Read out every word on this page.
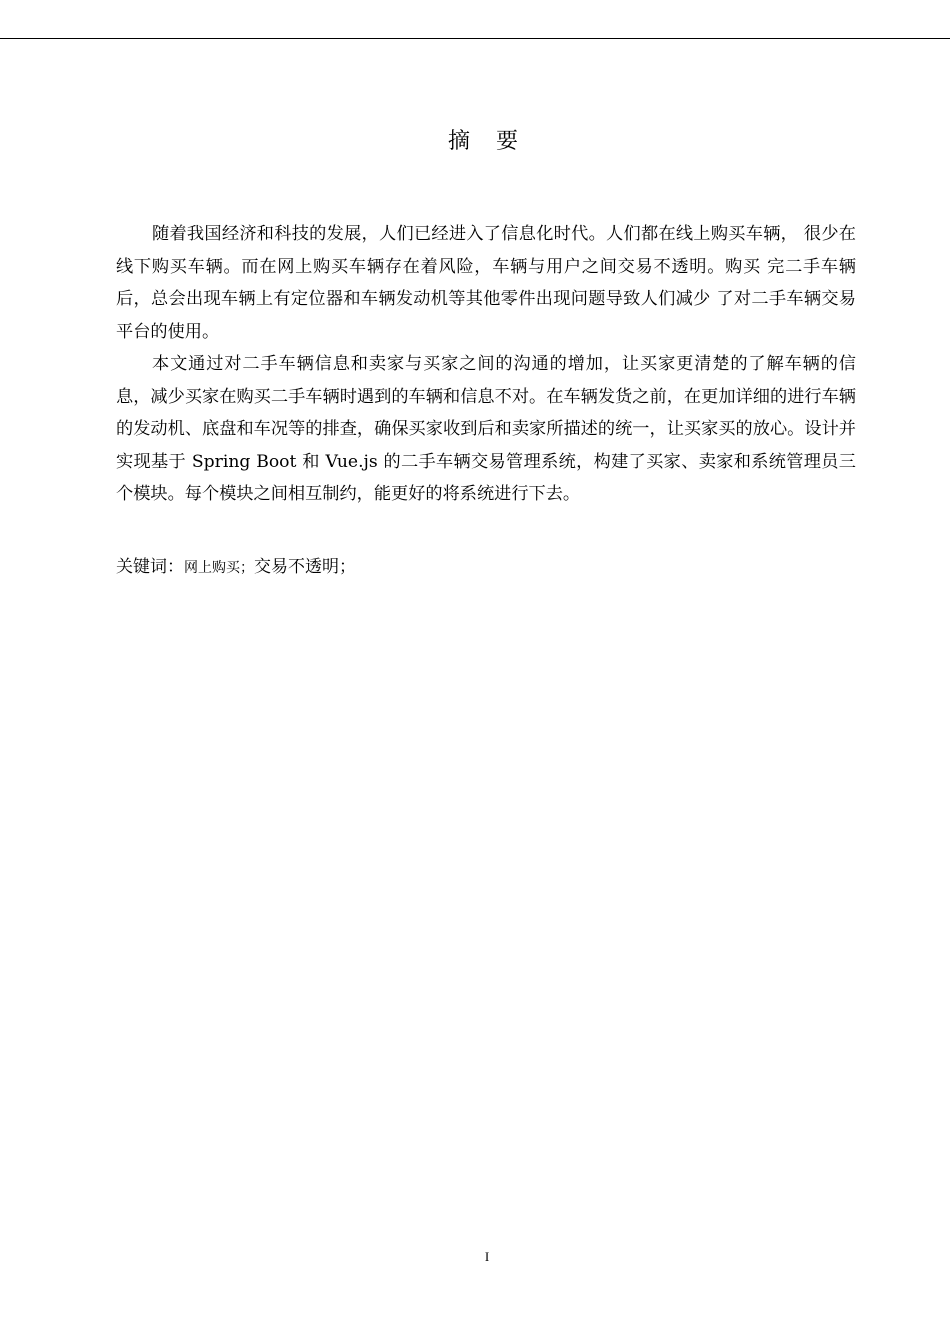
摘 要

随着我国经济和科技的发展，人们已经进入了信息化时代。人们都在线上购买车辆， 很少在线下购买车辆。而在网上购买车辆存在着风险，车辆与用户之间交易不透明。购买 完二手车辆后，总会出现车辆上有定位器和车辆发动机等其他零件出现问题导致人们减少 了对二手车辆交易平台的使用。

本文通过对二手车辆信息和卖家与买家之间的沟通的增加，让买家更清楚的了解车辆的信息，减少买家在购买二手车辆时遇到的车辆和信息不对。在车辆发货之前，在更加详细的进行车辆的发动机、底盘和车况等的排查，确保买家收到后和卖家所描述的统一，让买家买的放心。设计并实现基于 Spring Boot 和 Vue.js 的二手车辆交易管理系统，构建了买家、卖家和系统管理员三个模块。每个模块之间相互制约，能更好的将系统进行下去。

关键词：网上购买；交易不透明；
I
